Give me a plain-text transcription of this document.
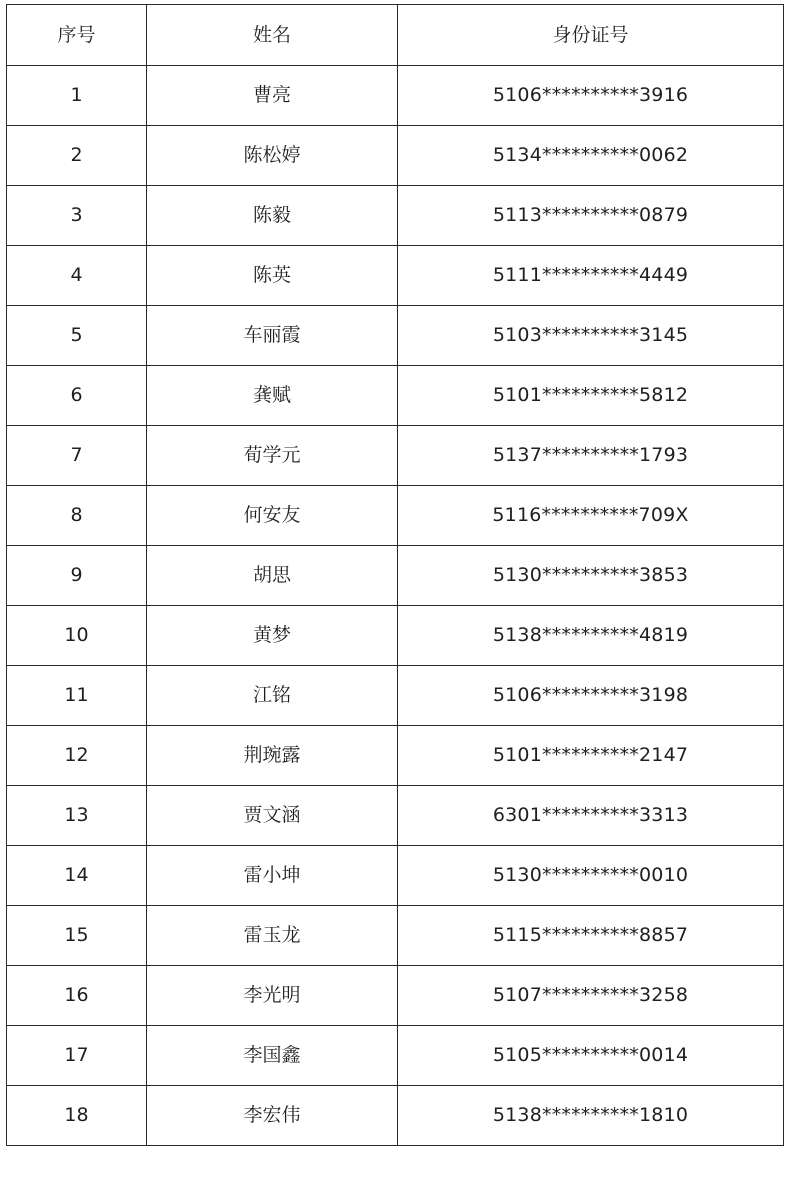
序号	姓名	身份证号
1	曹亮	5106**********3916
2	陈松婷	5134**********0062
3	陈毅	5113**********0879
4	陈英	5111**********4449
5	车丽霞	5103**********3145
6	龚赋	5101**********5812
7	荀学元	5137**********1793
8	何安友	5116**********709X
9	胡思	5130**********3853
10	黄梦	5138**********4819
11	江铭	5106**********3198
12	荆琬露	5101**********2147
13	贾文涵	6301**********3313
14	雷小坤	5130**********0010
15	雷玉龙	5115**********8857
16	李光明	5107**********3258
17	李国鑫	5105**********0014
18	李宏伟	5138**********1810
